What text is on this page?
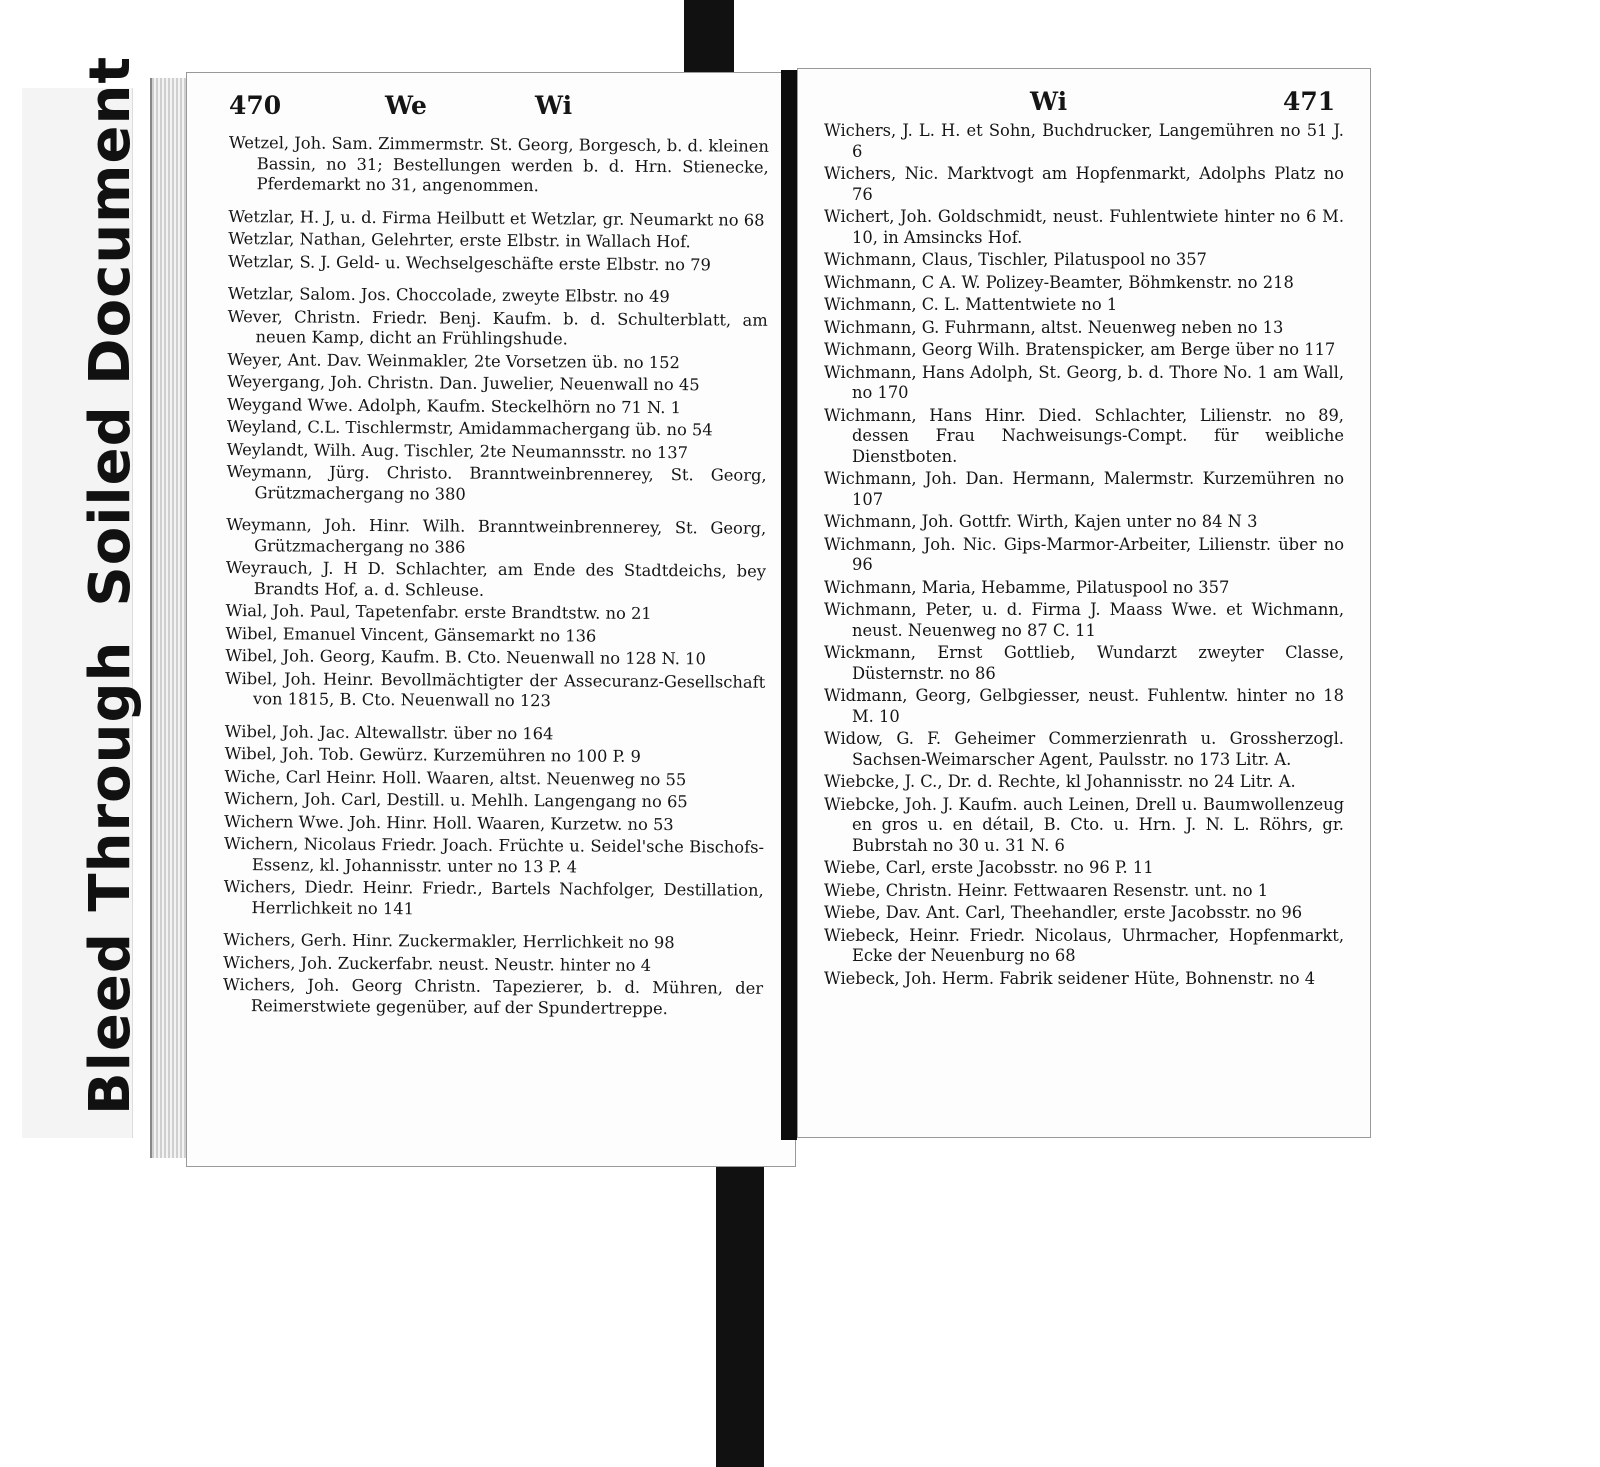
Bleed ThroughSoiled Document	470	We	Wi
Wetzel, Joh. Sam. Zimmermstr. St. Georg, Borgesch, b. d. kleinen Bassin, no 31; Bestellungen werden b. d. Hrn. Stienecke, Pferdemarkt no 31, angenommen.
Wetzlar, H. J, u. d. Firma Heilbutt et Wetzlar, gr. Neumarkt no 68
Wetzlar, Nathan, Gelehrter, erste Elbstr. in Wallach Hof.
Wetzlar, S. J. Geld- u. Wechselgeschäfte erste Elbstr. no 79
Wetzlar, Salom. Jos. Choccolade, zweyte Elbstr. no 49
Wever, Christn. Friedr. Benj. Kaufm. b. d. Schulterblatt, am neuen Kamp, dicht an Frühlingshude.
Weyer, Ant. Dav. Weinmakler, 2te Vorsetzen üb. no 152
Weyergang, Joh. Christn. Dan. Juwelier, Neuenwall no 45
Weygand Wwe. Adolph, Kaufm. Steckelhörn no 71 N. 1
Weyland, C.L. Tischlermstr, Amidammachergang üb. no 54
Weylandt, Wilh. Aug. Tischler, 2te Neumannsstr. no 137
Weymann, Jürg. Christo. Branntweinbrennerey, St. Georg, Grützmachergang no 380
Weymann, Joh. Hinr. Wilh. Branntweinbrennerey, St. Georg, Grützmachergang no 386
Weyrauch, J. H D. Schlachter, am Ende des Stadtdeichs, bey Brandts Hof, a. d. Schleuse.
Wial, Joh. Paul, Tapetenfabr. erste Brandtstw. no 21
Wibel, Emanuel Vincent, Gänsemarkt no 136
Wibel, Joh. Georg, Kaufm. B. Cto. Neuenwall no 128 N. 10
Wibel, Joh. Heinr. Bevollmächtigter der Assecuranz-Gesellschaft von 1815, B. Cto. Neuenwall no 123
Wibel, Joh. Jac. Altewallstr. über no 164
Wibel, Joh. Tob. Gewürz. Kurzemühren no 100 P. 9
Wiche, Carl Heinr. Holl. Waaren, altst. Neuenweg no 55
Wichern, Joh. Carl, Destill. u. Mehlh. Langengang no 65
Wichern Wwe. Joh. Hinr. Holl. Waaren, Kurzetw. no 53
Wichern, Nicolaus Friedr. Joach. Früchte u. Seidel'sche Bischofs-Essenz, kl. Johannisstr. unter no 13 P. 4
Wichers, Diedr. Heinr. Friedr., Bartels Nachfolger, Destillation, Herrlichkeit no 141
Wichers, Gerh. Hinr. Zuckermakler, Herrlichkeit no 98
Wichers, Joh. Zuckerfabr. neust. Neustr. hinter no 4
Wichers, Joh. Georg Christn. Tapezierer, b. d. Mühren, der Reimerstwiete gegenüber, auf der Spundertreppe.
Wi	471
Wichers, J. L. H. et Sohn, Buchdrucker, Langemühren no 51 J. 6
Wichers, Nic. Marktvogt am Hopfenmarkt, Adolphs Platz no 76
Wichert, Joh. Goldschmidt, neust. Fuhlentwiete hinter no 6 M. 10, in Amsincks Hof.
Wichmann, Claus, Tischler, Pilatuspool no 357
Wichmann, C A. W. Polizey-Beamter, Böhmkenstr. no 218
Wichmann, C. L. Mattentwiete no 1
Wichmann, G. Fuhrmann, altst. Neuenweg neben no 13
Wichmann, Georg Wilh. Bratenspicker, am Berge über no 117
Wichmann, Hans Adolph, St. Georg, b. d. Thore No. 1 am Wall, no 170
Wichmann, Hans Hinr. Died. Schlachter, Lilienstr. no 89, dessen Frau Nachweisungs-Compt. für weibliche Dienstboten.
Wichmann, Joh. Dan. Hermann, Malermstr. Kurzemühren no 107
Wichmann, Joh. Gottfr. Wirth, Kajen unter no 84 N 3
Wichmann, Joh. Nic. Gips-Marmor-Arbeiter, Lilienstr. über no 96
Wichmann, Maria, Hebamme, Pilatuspool no 357
Wichmann, Peter, u. d. Firma J. Maass Wwe. et Wichmann, neust. Neuenweg no 87 C. 11
Wickmann, Ernst Gottlieb, Wundarzt zweyter Classe, Düsternstr. no 86
Widmann, Georg, Gelbgiesser, neust. Fuhlentw. hinter no 18 M. 10
Widow, G. F. Geheimer Commerzienrath u. Grossherzogl. Sachsen-Weimarscher Agent, Paulsstr. no 173 Litr. A.
Wiebcke, J. C., Dr. d. Rechte, kl Johannisstr. no 24 Litr. A.
Wiebcke, Joh. J. Kaufm. auch Leinen, Drell u. Baumwollenzeug en gros u. en détail, B. Cto. u. Hrn. J. N. L. Röhrs, gr. Bubrstah no 30 u. 31 N. 6
Wiebe, Carl, erste Jacobsstr. no 96 P. 11
Wiebe, Christn. Heinr. Fettwaaren Resenstr. unt. no 1
Wiebe, Dav. Ant. Carl, Theehandler, erste Jacobsstr. no 96
Wiebeck, Heinr. Friedr. Nicolaus, Uhrmacher, Hopfenmarkt, Ecke der Neuenburg no 68
Wiebeck, Joh. Herm. Fabrik seidener Hüte, Bohnenstr. no 4
